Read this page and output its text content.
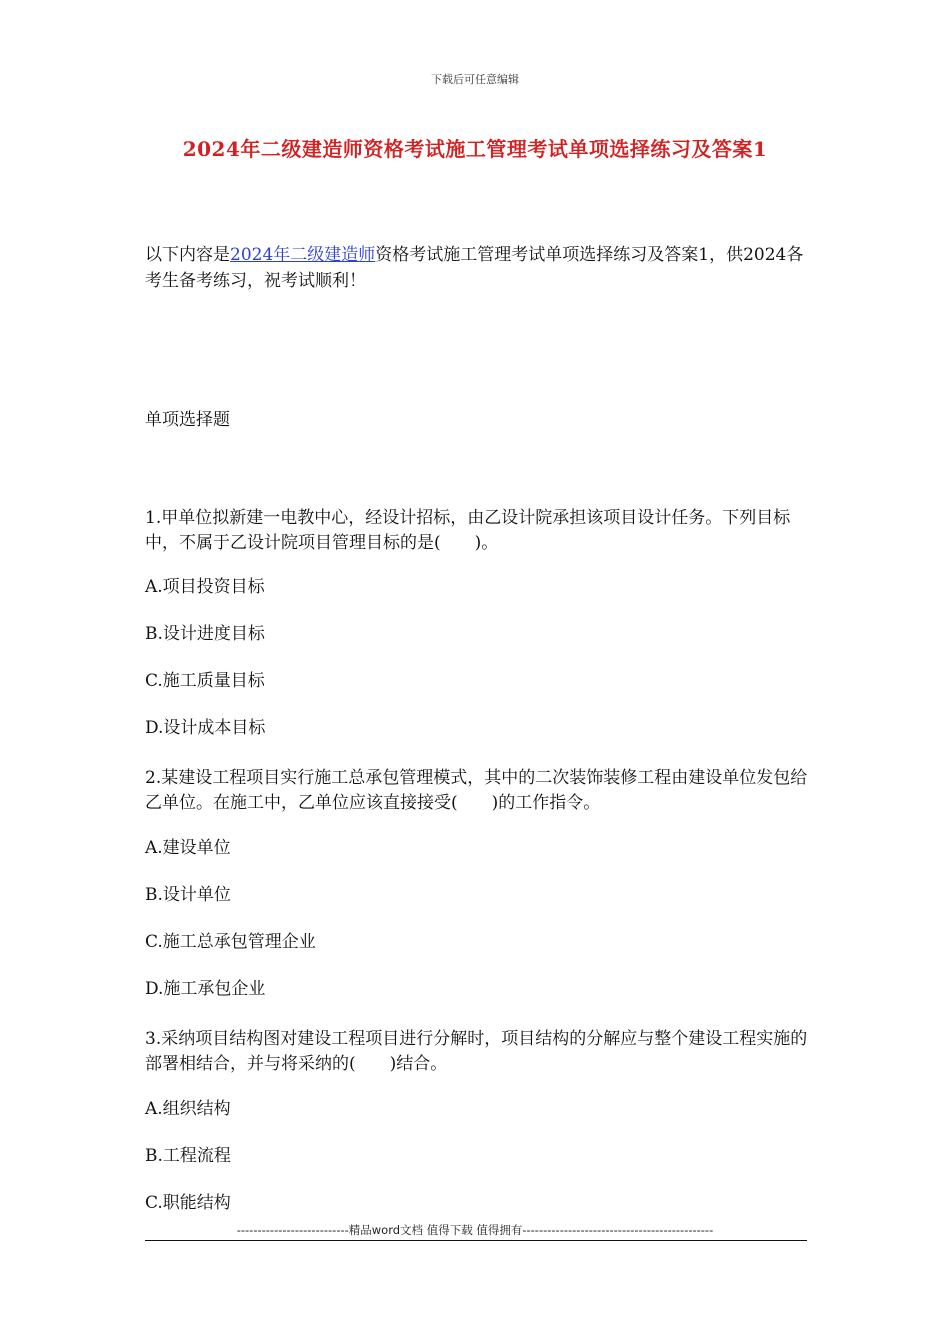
下载后可任意编辑
2024年二级建造师资格考试施工管理考试单项选择练习及答案1
以下内容是2024年二级建造师资格考试施工管理考试单项选择练习及答案1，供2024各考生备考练习，祝考试顺利！
单项选择题
1.甲单位拟新建一电教中心，经设计招标，由乙设计院承担该项目设计任务。下列目标中，不属于乙设计院项目管理目标的是(　　)。
A.项目投资目标
B.设计进度目标
C.施工质量目标
D.设计成本目标
2.某建设工程项目实行施工总承包管理模式，其中的二次装饰装修工程由建设单位发包给乙单位。在施工中，乙单位应该直接接受(　　)的工作指令。
A.建设单位
B.设计单位
C.施工总承包管理企业
D.施工承包企业
3.采纳项目结构图对建设工程项目进行分解时，项目结构的分解应与整个建设工程实施的部署相结合，并与将采纳的(　　)结合。
A.组织结构
B.工程流程
C.职能结构
---------------------------精品word文档 值得下载 值得拥有----------------------------------------------
